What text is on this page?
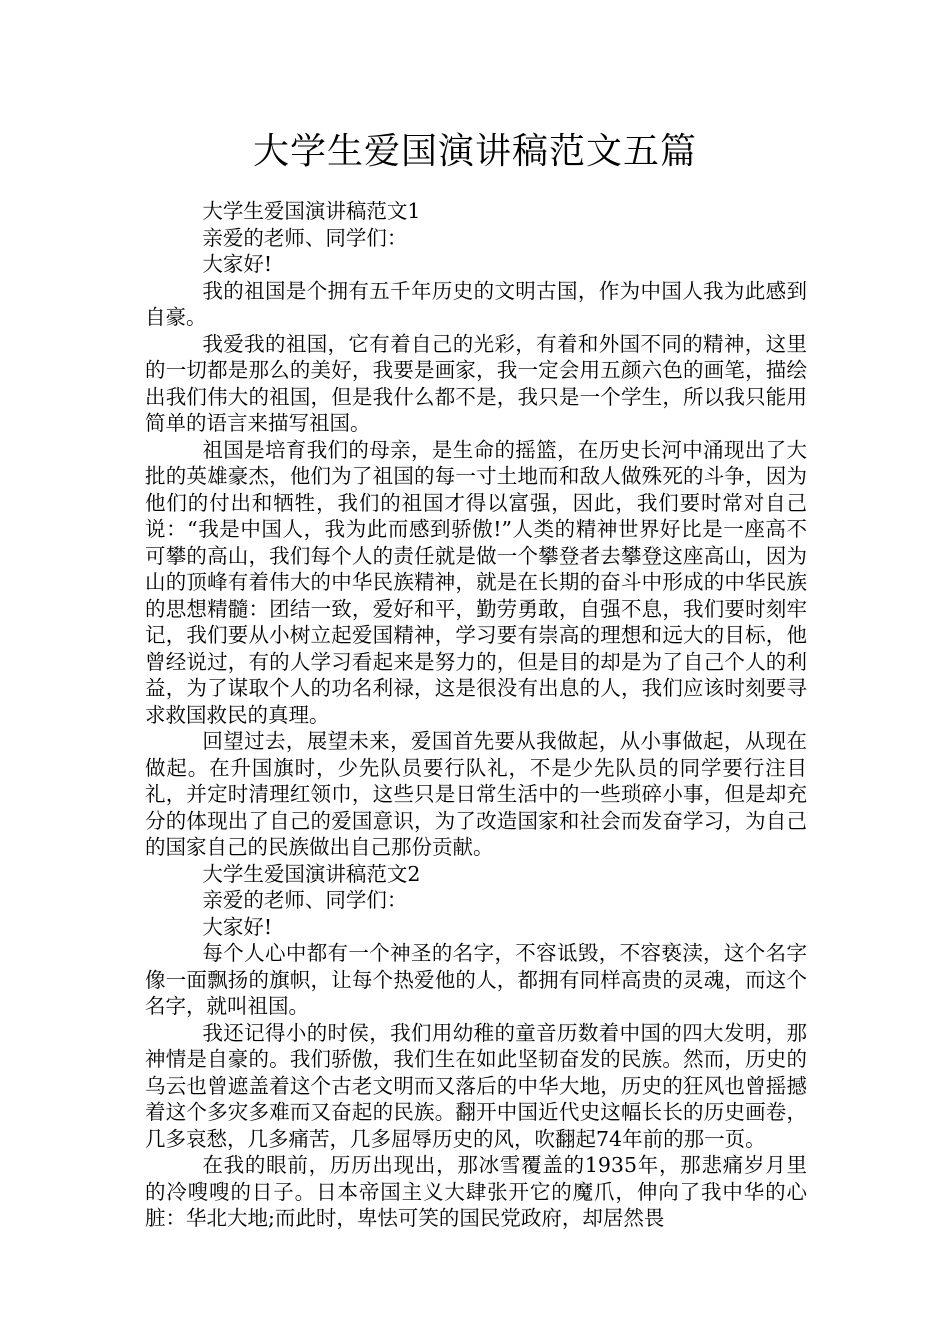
大学生爱国演讲稿范文五篇

大学生爱国演讲稿范文1

亲爱的老师、同学们：

大家好!

我的祖国是个拥有五千年历史的文明古国，作为中国人我为此感到自豪。

我爱我的祖国，它有着自己的光彩，有着和外国不同的精神，这里的一切都是那么的美好，我要是画家，我一定会用五颜六色的画笔，描绘出我们伟大的祖国，但是我什么都不是，我只是一个学生，所以我只能用简单的语言来描写祖国。

祖国是培育我们的母亲，是生命的摇篮，在历史长河中涌现出了大批的英雄豪杰，他们为了祖国的每一寸土地而和敌人做殊死的斗争，因为他们的付出和牺牲，我们的祖国才得以富强，因此，我们要时常对自己说：“我是中国人，我为此而感到骄傲!”人类的精神世界好比是一座高不可攀的高山，我们每个人的责任就是做一个攀登者去攀登这座高山，因为山的顶峰有着伟大的中华民族精神，就是在长期的奋斗中形成的中华民族的思想精髓：团结一致，爱好和平，勤劳勇敢，自强不息，我们要时刻牢记，我们要从小树立起爱国精神，学习要有崇高的理想和远大的目标，他曾经说过，有的人学习看起来是努力的，但是目的却是为了自己个人的利益，为了谋取个人的功名利禄，这是很没有出息的人，我们应该时刻要寻求救国救民的真理。

回望过去，展望未来，爱国首先要从我做起，从小事做起，从现在做起。在升国旗时，少先队员要行队礼，不是少先队员的同学要行注目礼，并定时清理红领巾，这些只是日常生活中的一些琐碎小事，但是却充分的体现出了自己的爱国意识，为了改造国家和社会而发奋学习，为自己的国家自己的民族做出自己那份贡献。

大学生爱国演讲稿范文2

亲爱的老师、同学们：

大家好!

每个人心中都有一个神圣的名字，不容诋毁，不容亵渎，这个名字像一面飘扬的旗帜，让每个热爱他的人，都拥有同样高贵的灵魂，而这个名字，就叫祖国。

我还记得小的时侯，我们用幼稚的童音历数着中国的四大发明，那神情是自豪的。我们骄傲，我们生在如此坚韧奋发的民族。然而，历史的乌云也曾遮盖着这个古老文明而又落后的中华大地，历史的狂风也曾摇撼着这个多灾多难而又奋起的民族。翻开中国近代史这幅长长的历史画卷，几多哀愁，几多痛苦，几多屈辱历史的风，吹翻起74年前的那一页。

在我的眼前，历历出现出，那冰雪覆盖的1935年，那悲痛岁月里的冷嗖嗖的日子。日本帝国主义大肆张开它的魔爪，伸向了我中华的心脏：华北大地;而此时，卑怯可笑的国民党政府，却居然畏
